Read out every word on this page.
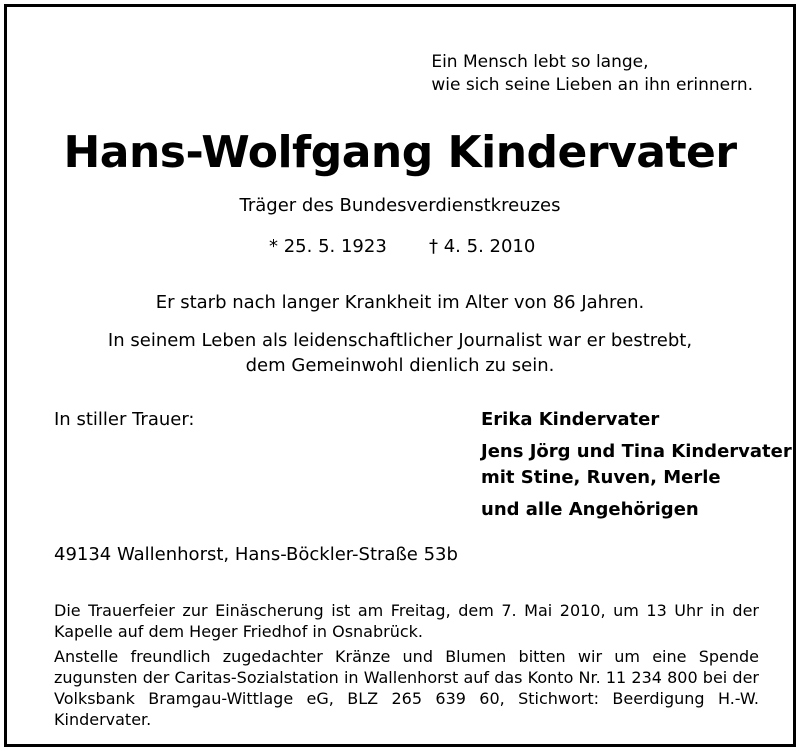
Ein Mensch lebt so lange,
wie sich seine Lieben an ihn erinnern.
Hans-Wolfgang Kindervater
Träger des Bundesverdienstkreuzes
* 25. 5. 1923 † 4. 5. 2010
Er starb nach langer Krankheit im Alter von 86 Jahren.
In seinem Leben als leidenschaftlicher Journalist war er bestrebt,
dem Gemeinwohl dienlich zu sein.
In stiller Trauer:	Erika Kindervater
Jens Jörg und Tina Kindervater
mit Stine, Ruven, Merle
und alle Angehörigen
49134 Wallenhorst, Hans-Böckler-Straße 53b
Die Trauerfeier zur Einäscherung ist am Freitag, dem 7. Mai 2010, um 13 Uhr in der Kapelle auf dem Heger Friedhof in Osnabrück.
Anstelle freundlich zugedachter Kränze und Blumen bitten wir um eine Spende zugunsten der Caritas-Sozialstation in Wallenhorst auf das Konto Nr. 11 234 800 bei der Volksbank Bramgau-Wittlage eG, BLZ 265 639 60, Stichwort: Beerdigung H.-W. Kindervater.
